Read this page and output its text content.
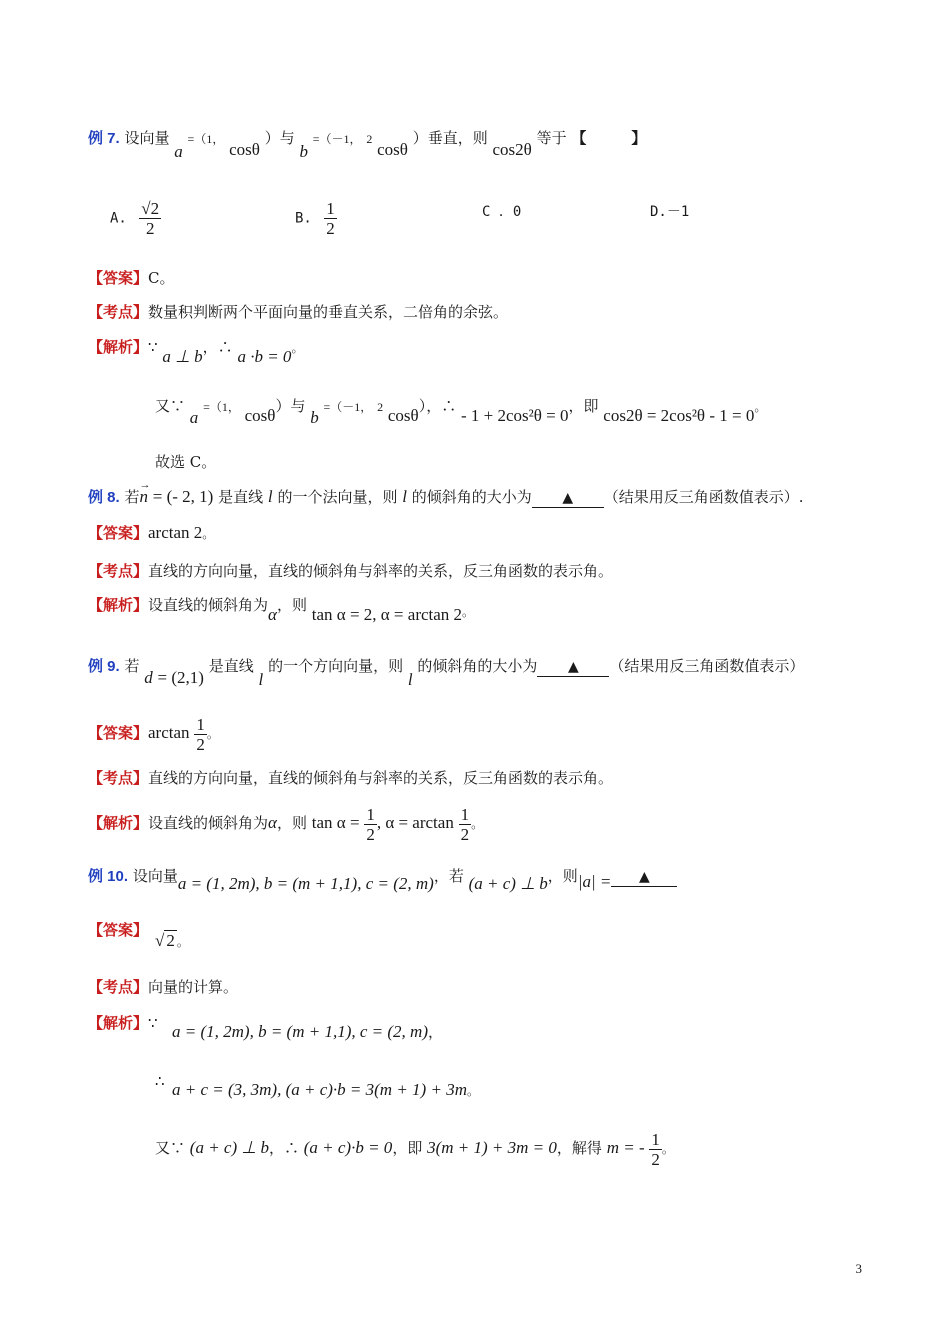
例 7. 设向量 a =（1， cosθ ）与 b =（－1， 2 cosθ ）垂直，则 cos2θ 等于 【　　　】
A. $\frac{√2}{2}$	B. $\frac{1}{2}$	C ．0	D.－1
【答案】C。
【考点】数量积判断两个平面向量的垂直关系，二倍角的余弦。
【解析】∵ a ⊥ b，∴ a ·b = 0。
又∵ a =（1， cosθ）与 b =（－1， 2 cosθ），∴ - 1 + 2cos²θ = 0，即 cos2θ = 2cos²θ - 1 = 0。
故选 C。
例 8. 若
→
n = (- 2, 1) 是直线 l 的一个法向量，则 l 的倾斜角的大小为 ▲ （结果用反三角函数值表示）.
【答案】arctan 2。
【考点】直线的方向向量，直线的倾斜角与斜率的关系，反三角函数的表示角。
【解析】设直线的倾斜角为α，则 tan α = 2, $\alpha = \arctan 2_。$
例 9. 若 d = (2,1) 是直线 l 的一个方向向量，则 l 的倾斜角的大小为 ▲ （结果用反三角函数值表示）
【答案】$\arctan \frac{1}{2}$ 。
【考点】直线的方向向量，直线的倾斜角与斜率的关系，反三角函数的表示角。
【解析】设直线的倾斜角为α，则 $\tan \alpha = \frac{1}{2}$ , $\alpha = \arctan \frac{1}{2}$ 。
例 10. 设向量a = (1, 2m), b = (m + 1,1), c = (2, m)，若 (a + c) ⊥ b，则|a| = ▲
【答案】
√ 2 。
【考点】向量的计算。
【解析】∵ a = (1, 2m), b = (m + 1,1), c = (2, m)，
∴ a + c = (3, 3m), (a + c)·b = 3(m + 1) + 3m。
又∵ (a + c) ⊥ b，∴ (a + c)·b = 0，即 3(m + 1) + 3m = 0，解得 m = - $\frac{1}{2}$ 。
3
